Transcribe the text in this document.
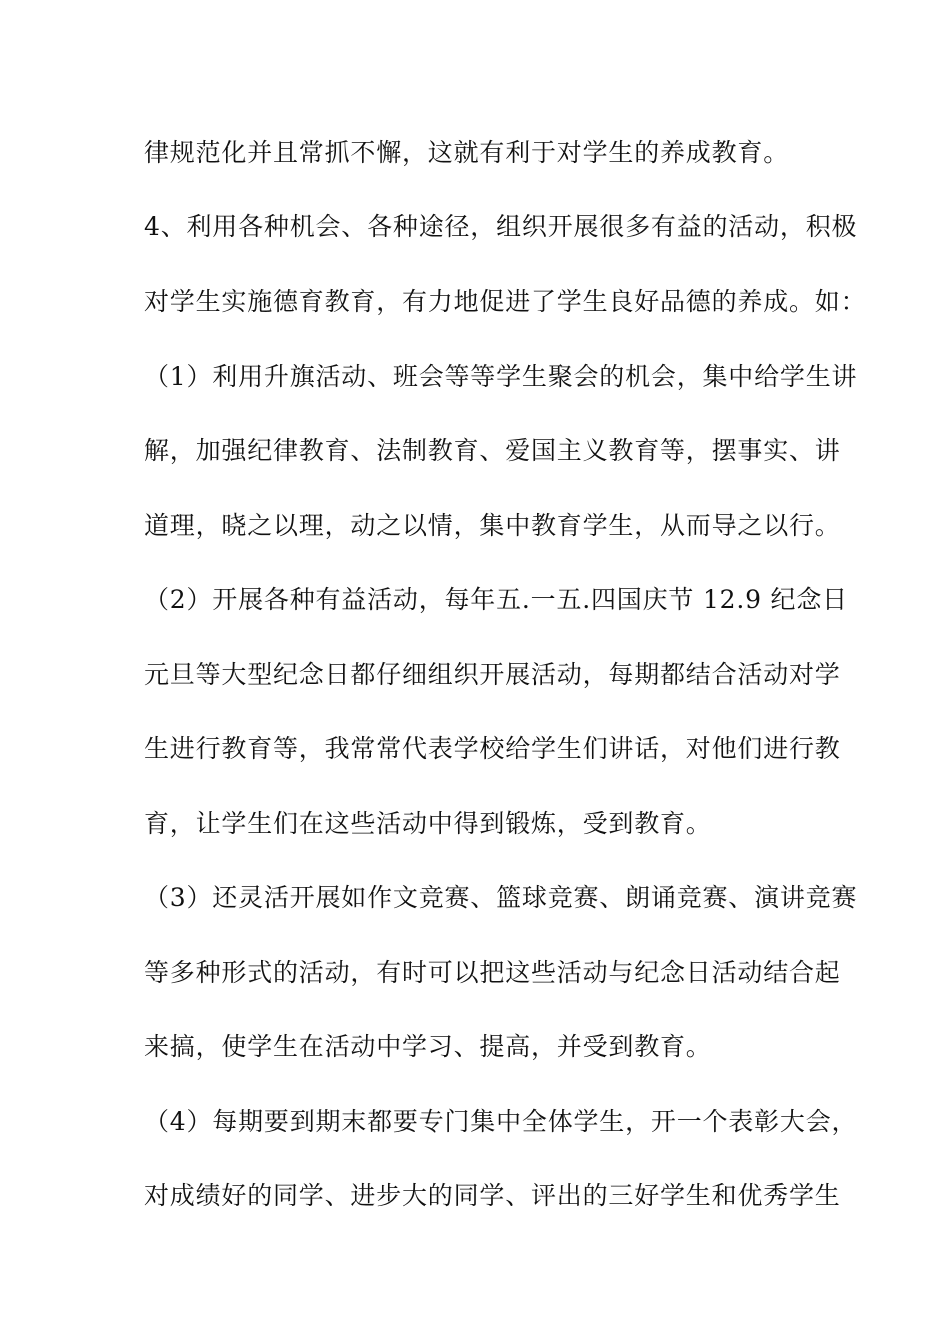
律规范化并且常抓不懈，这就有利于对学生的养成教育。
4、利用各种机会、各种途径，组织开展很多有益的活动，积极
对学生实施德育教育，有力地促进了学生良好品德的养成。如：
（1）利用升旗活动、班会等等学生聚会的机会，集中给学生讲
解，加强纪律教育、法制教育、爱国主义教育等，摆事实、讲
道理，晓之以理，动之以情，集中教育学生，从而导之以行。
（2）开展各种有益活动，每年五.一五.四国庆节 12.9 纪念日
元旦等大型纪念日都仔细组织开展活动，每期都结合活动对学
生进行教育等，我常常代表学校给学生们讲话，对他们进行教
育，让学生们在这些活动中得到锻炼，受到教育。
（3）还灵活开展如作文竞赛、篮球竞赛、朗诵竞赛、演讲竞赛
等多种形式的活动，有时可以把这些活动与纪念日活动结合起
来搞，使学生在活动中学习、提高，并受到教育。
（4）每期要到期末都要专门集中全体学生，开一个表彰大会，
对成绩好的同学、进步大的同学、评出的三好学生和优秀学生
